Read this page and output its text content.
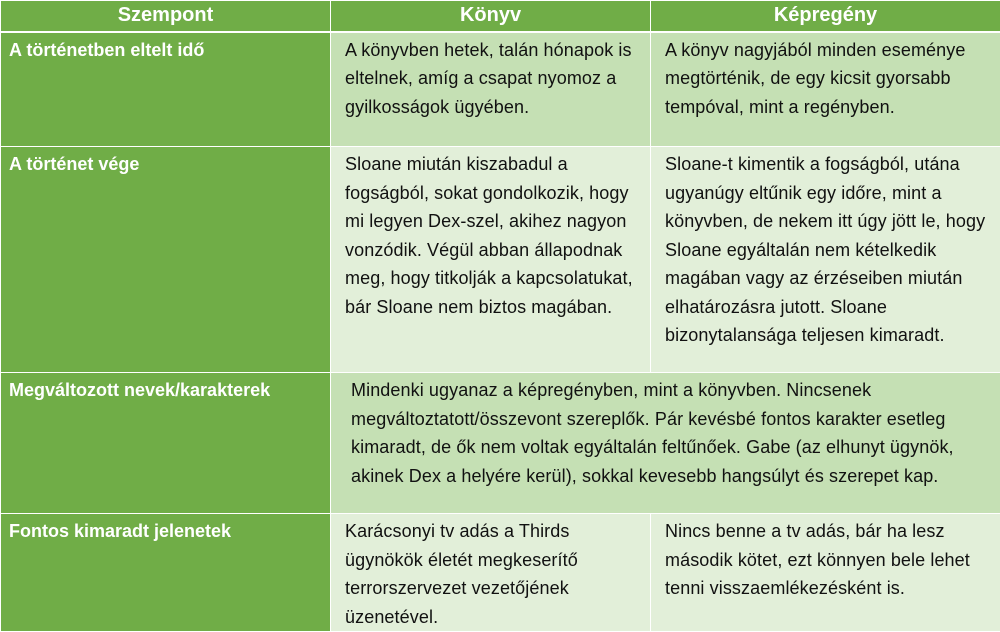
Szempont	Könyv	Képregény
A történetben eltelt idő	A könyvben hetek, talán hónapok is eltelnek, amíg a csapat nyomoz a gyilkosságok ügyében.	A könyv nagyjából minden eseménye megtörténik, de egy kicsit gyorsabb tempóval, mint a regényben.
A történet vége	Sloane miután kiszabadul a fogságból, sokat gondolkozik, hogy mi legyen Dex-szel, akihez nagyon vonzódik. Végül abban állapodnak meg, hogy titkolják a kapcsolatukat, bár Sloane nem biztos magában.	Sloane-t kimentik a fogságból, utána ugyanúgy eltűnik egy időre, mint a könyvben, de nekem itt úgy jött le, hogy Sloane egyáltalán nem kételkedik magában vagy az érzéseiben miután elhatározásra jutott. Sloane bizonytalansága teljesen kimaradt.
Megváltozott nevek/karakterek	Mindenki ugyanaz a képregényben, mint a könyvben. Nincsenek megváltoztatott/összevont szereplők. Pár kevésbé fontos karakter esetleg kimaradt, de ők nem voltak egyáltalán feltűnőek. Gabe (az elhunyt ügynök, akinek Dex a helyére kerül), sokkal kevesebb hangsúlyt és szerepet kap.	
Fontos kimaradt jelenetek	Karácsonyi tv adás a Thirds ügynökök életét megkeserítő terrorszervezet vezetőjének üzenetével.	Nincs benne a tv adás, bár ha lesz második kötet, ezt könnyen bele lehet tenni visszaemlékezésként is.
